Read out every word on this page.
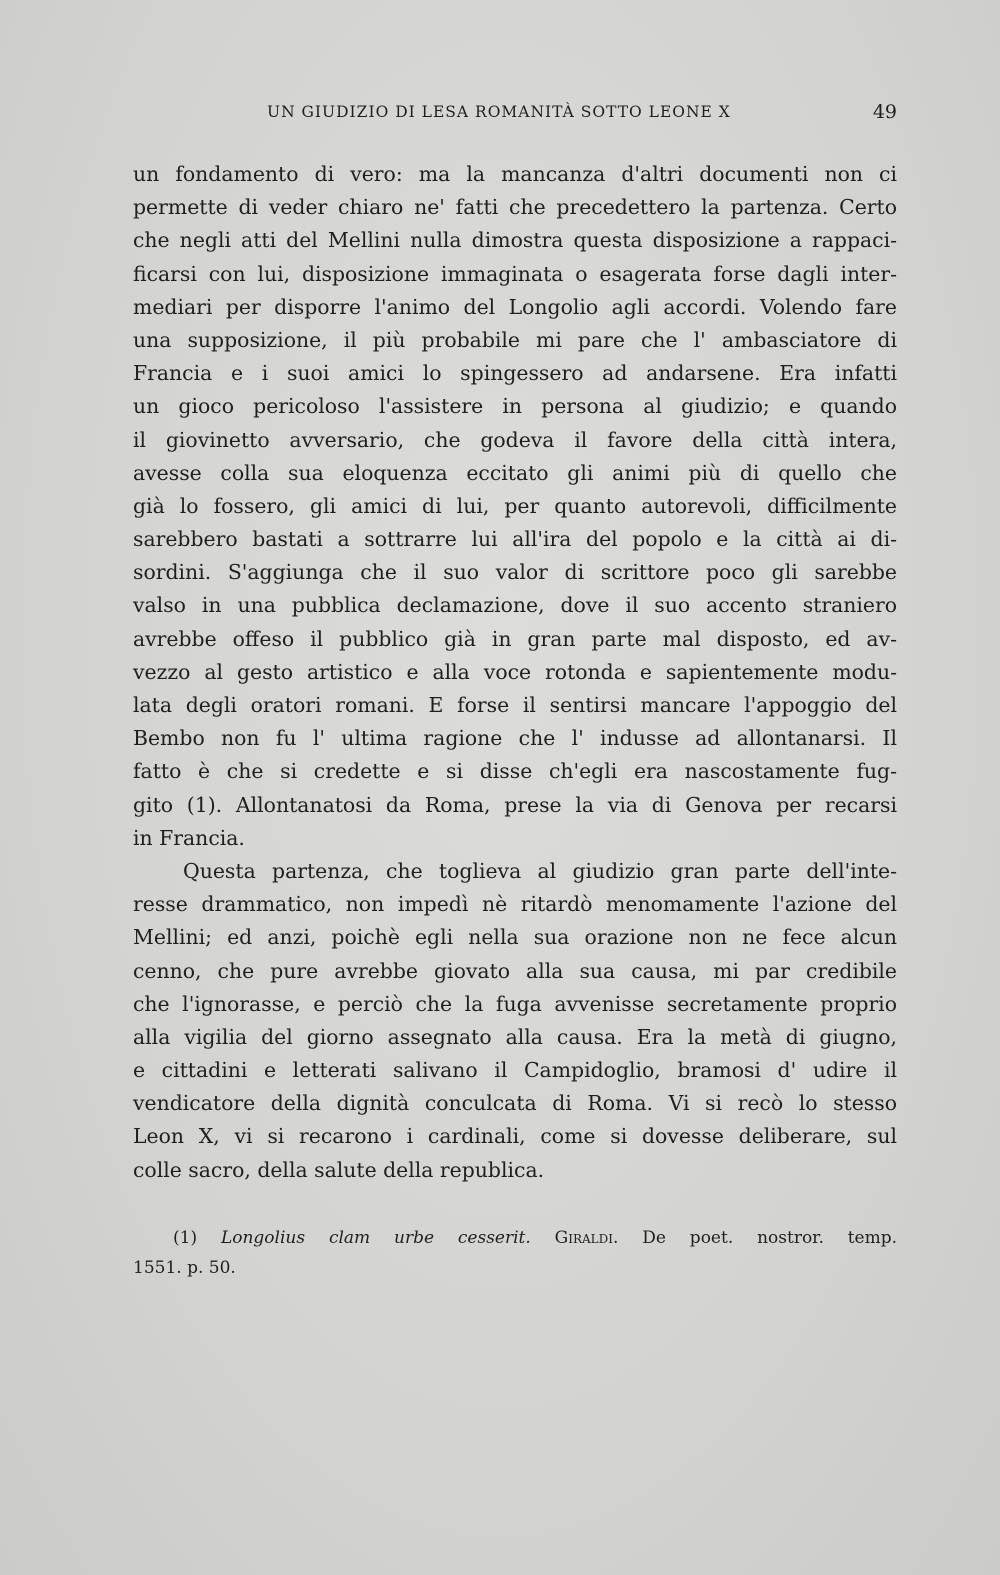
UN GIUDIZIO DI LESA ROMANITÀ SOTTO LEONE X	49
un fondamento di vero: ma la mancanza d'altri documenti non ci
permette di veder chiaro ne' fatti che precedettero la partenza. Certo
che negli atti del Mellini nulla dimostra questa disposizione a rappaci-
ficarsi con lui, disposizione immaginata o esagerata forse dagli inter-
mediari per disporre l'animo del Longolio agli accordi. Volendo fare
una supposizione, il più probabile mi pare che l' ambasciatore di
Francia e i suoi amici lo spingessero ad andarsene. Era infatti
un gioco pericoloso l'assistere in persona al giudizio; e quando
il giovinetto avversario, che godeva il favore della città intera,
avesse colla sua eloquenza eccitato gli animi più di quello che
già lo fossero, gli amici di lui, per quanto autorevoli, difficilmente
sarebbero bastati a sottrarre lui all'ira del popolo e la città ai di-
sordini. S'aggiunga che il suo valor di scrittore poco gli sarebbe
valso in una pubblica declamazione, dove il suo accento straniero
avrebbe offeso il pubblico già in gran parte mal disposto, ed av-
vezzo al gesto artistico e alla voce rotonda e sapientemente modu-
lata degli oratori romani. E forse il sentirsi mancare l'appoggio del
Bembo non fu l' ultima ragione che l' indusse ad allontanarsi. Il
fatto è che si credette e si disse ch'egli era nascostamente fug-
gito (1). Allontanatosi da Roma, prese la via di Genova per recarsi
in Francia.
Questa partenza, che toglieva al giudizio gran parte dell'inte-
resse drammatico, non impedì nè ritardò menomamente l'azione del
Mellini; ed anzi, poichè egli nella sua orazione non ne fece alcun
cenno, che pure avrebbe giovato alla sua causa, mi par credibile
che l'ignorasse, e perciò che la fuga avvenisse secretamente proprio
alla vigilia del giorno assegnato alla causa. Era la metà di giugno,
e cittadini e letterati salivano il Campidoglio, bramosi d' udire il
vendicatore della dignità conculcata di Roma. Vi si recò lo stesso
Leon X, vi si recarono i cardinali, come si dovesse deliberare, sul
colle sacro, della salute della republica.
(1) Longolius clam urbe cesserit. Giraldi. De poet. nostror. temp.
1551. p. 50.
